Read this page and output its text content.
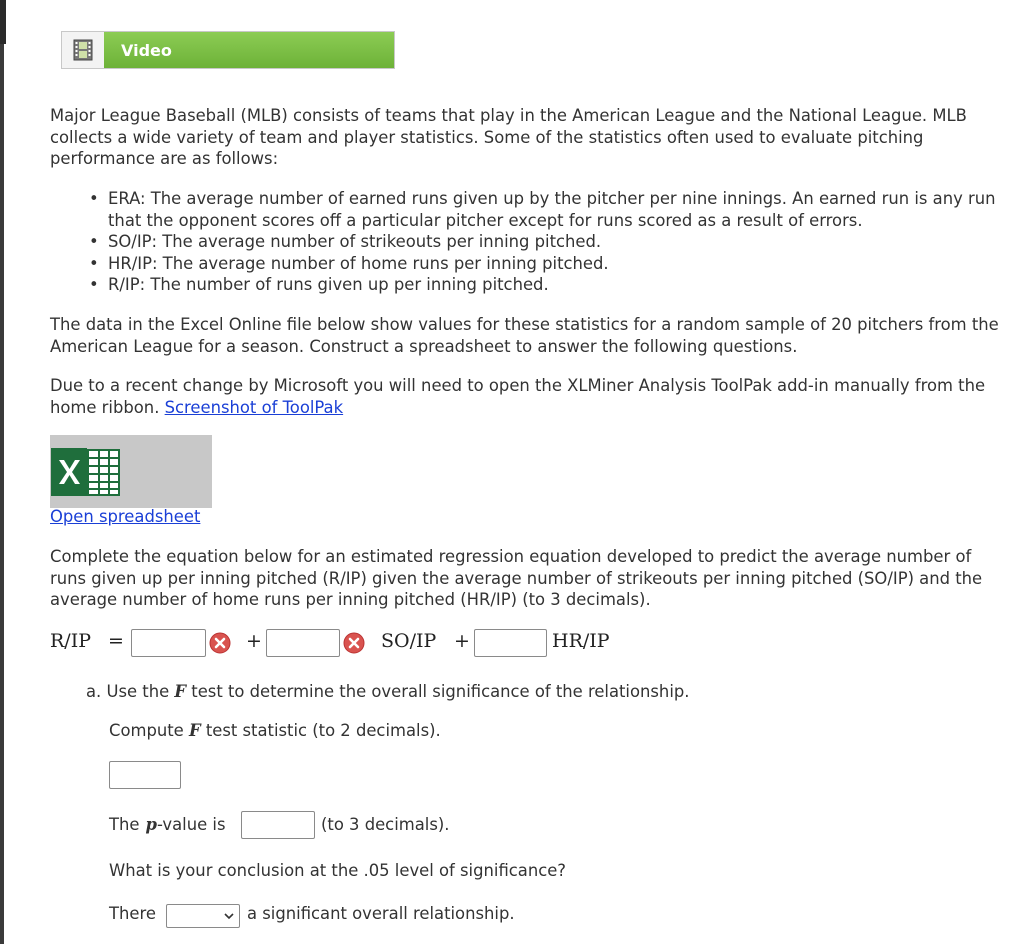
Video

Major League Baseball (MLB) consists of teams that play in the American League and the National League. MLB collects a wide variety of team and player statistics. Some of the statistics often used to evaluate pitching performance are as follows:

• ERA: The average number of earned runs given up by the pitcher per nine innings. An earned run is any run that the opponent scores off a particular pitcher except for runs scored as a result of errors.
• SO/IP: The average number of strikeouts per inning pitched.
• HR/IP: The average number of home runs per inning pitched.
• R/IP: The number of runs given up per inning pitched.

The data in the Excel Online file below show values for these statistics for a random sample of 20 pitchers from the American League for a season. Construct a spreadsheet to answer the following questions.

Due to a recent change by Microsoft you will need to open the XLMiner Analysis ToolPak add-in manually from the home ribbon. Screenshot of ToolPak

Open spreadsheet

Complete the equation below for an estimated regression equation developed to predict the average number of runs given up per inning pitched (R/IP) given the average number of strikeouts per inning pitched (SO/IP) and the average number of home runs per inning pitched (HR/IP) (to 3 decimals).

R/IP =	+	SO/IP +	HR/IP
a. Use the F test to determine the overall significance of the relationship.
Compute F test statistic (to 2 decimals).
The p-value is	(to 3 decimals).
What is your conclusion at the .05 level of significance?
There	a significant overall relationship.
